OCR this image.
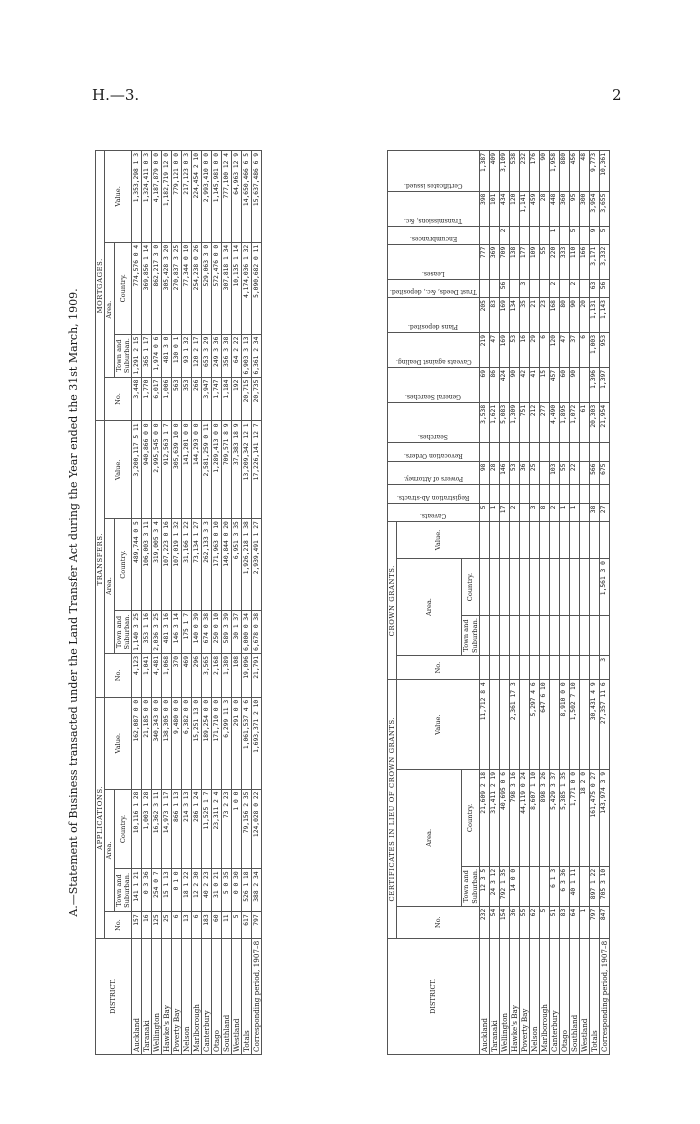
H.—3.	2
A.—Statement of Business transacted under the Land Transfer Act during the Year ended the 31st March, 1909.
DISTRICT.	APPLICATIONS.				TRANSFERS.				MORTGAGES.			
	No.	Area.		Value.	No.	Area.		Value.	No.	Area.		Value.
		Town and Suburban.	Country.			Town and Suburban.	Country.			Town and Suburban.	Country.	
Auckland	157	141 1 21	10,116 1 28	162,087 0 0	4,123	1,140 3 25	489,744 0 5	3,200,117 5 11	3,448	1,291 2 15	774,576 0 4	1,353,298 1 3
Taranaki	16	0 3 36	1,003 1 28	21,185 0 0	1,041	353 1 16	106,003 3 11	940,866 0 0	1,770	365 1 17	369,856 1 14	1,324,411 0 3
Wellington	125	254 0 7	16,362 3 11	340,343 0 0	4,481	2,036 3 25	319,005 3 4	2,995,545 0 0	6,017	1,974 0 6	862,217 3 0	4,187,879 0 0
Hawke's Bay	25	15 1 13	14,973 1 17	138,305 0 0	1,068	481 3 16	107,223 0 16	912,563 1 7	1,006	481 3 0	305,428 3 20	1,182,719 12 0
Poverty Bay	6	0 1 0	866 1 13	9,480 0 0	370	146 3 14	107,019 1 32	305,639 10 0	563	130 0 1	270,837 3 25	779,121 0 0
Nelson	13	18 1 22	214 3 13	6,382 0 0	469	175 1 7	31,166 1 22	141,201 0 0	353	93 1 32	77,344 0 10	217,123 0 3
Marlborough	6	12 2 30	286 1 24	15,251 13 0	296	140 0 39	73,134 1 27	144,293 0 0	266	120 2 17	254,238 0 26	224,454 2 10
Canterbury	183	40 2 23	11,525 1 7	189,254 0 0	3,565	674 0 38	262,133 3 3	2,581,259 0 11	3,947	653 3 29	529,063 3 0	2,993,410 0 0
Otago	60	31 0 21	23,311 2 4	171,710 0 0	2,168	250 0 10	171,963 0 10	1,289,413 0 0	1,747	249 3 36	572,476 0 0	1,145,981 0 0
Southland	11	5 0 35	73 2 23	6,299 11 3	1,389	589 3 39	140,844 0 20	709,571 8 9	1,184	356 3 38	307,818 1 34	777,100 12 4
Westland	5	0 0 30	1 0 0	291 0 0	108	30 1 37	6,951 3 35	37,383 18 9	192	64 2 22	10,135 1 14	64,963 12 9
Totals	617	526 1 18	79,156 2 35	1,061,537 4 6	19,096	6,000 0 34	1,926,218 1 38	13,209,342 12 1	20,715	6,903 3 13	4,174,036 1 32	14,650,466 6 5
Corresponding period, 1907–8	797	388 2 34	124,028 0 22	1,693,371 2 10	21,791	6,678 0 38	2,939,491 1 27	17,226,141 12 7	20,735	6,361 2 34	5,090,682 0 11	15,637,486 6 9
DISTRICT.	CERTIFICATES IN LIEU OF CROWN GRANTS.				CROWN GRANTS.				Caveats.	Registration Ab-stracts.	Powers of Attorney.	Revocation Orders.	Searches.	General Searches.	Caveats against Dealing.	Plans deposited.	Trust Deeds, &c., deposited.	Leases.	Encumbrances.	Transmissions, &c.	Certificates issued.

	No.	Area.		Value.	No.	Area.		Value.													
		Town and Suburban.	Country.			Town and Suburban.	Country.														
Auckland	232	12 3 5	21,609 2 18	11,712 8 4					5		98		3,538	69	219	205		777		398	1,387
Taranaki	54	24 3 12	31,411 2 19						1		28		1,621	86	47	83		369		101	409
Wellington	154	792 1 35	40,695 0 6						17		146		5,083	424	169	169	56	709	2	434	3,109
Hawke's Bay	36	14 0 0	798 3 16	2,361 17 3					2		53		1,309	90	53	134		138		120	538
Poverty Bay	55		44,119 0 24								36		751	42	16	35	3	177		1,141	232
Nelson	62		8,607 1 10	5,297 4 6					3		25		212	41	29	21		109		459	176
Marlborough	5		898 3 26	647 6 10					8				277	15	6	23		55		28	90
Canterbury	51	6 1 3	5,429 3 37						2		103		4,490	457	120	168	2	220	1	448	1,958
Otago	83	6 3 36	5,385 1 35	8,910 0 0					1		55		1,895	60	47	80		333		360	880
Southland	64	40 1 11	1,771 0 0	1,502 7 10					1		22		1,072	90	37	90	2	110	5	95	456
Westland	1		18 2 0										61		6	20		166		300	48
Totals	797	897 1 22	161,475 0 27	30,431 4 9					38		566		20,303	1,396	1,003	1,131	63	3,171	9	3,954	9,773
Corresponding period, 1907–8	847	705 3 10	143,974 3 9	27,357 11 6	3		1,561 3 0		27		675		21,954	1,397	953	1,143	56	3,332	5	3,655	10,361
